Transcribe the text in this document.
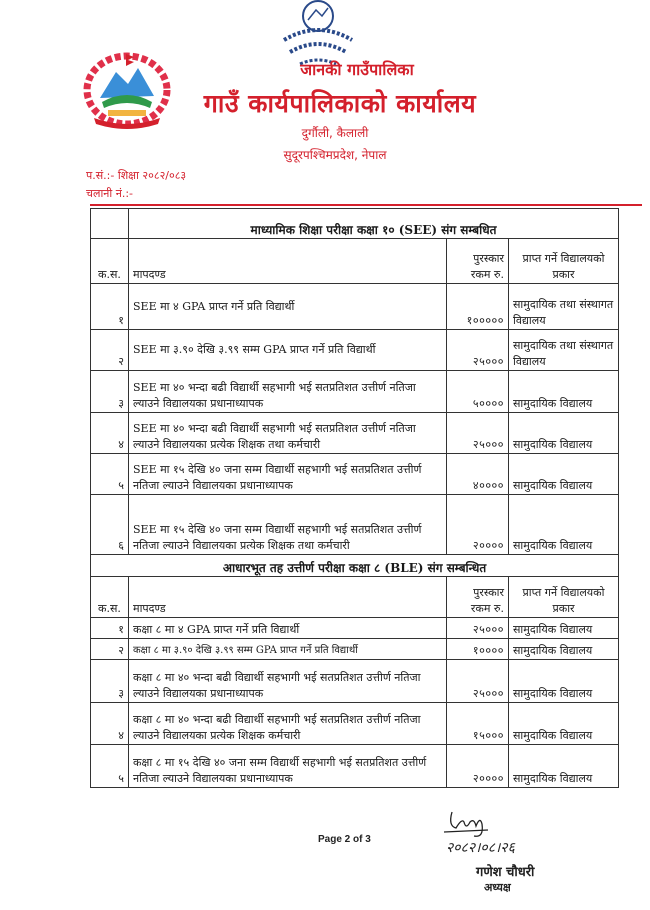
जानकी गाउँपालिका
गाउँ कार्यपालिकाको कार्यालय
दुर्गौली, कैलाली
सुदूरपश्चिमप्रदेश, नेपाल
प.सं.:- शिक्षा २०८२/०८३
चलानी नं.:-
	माध्यामिक शिक्षा परीक्षा कक्षा १० (SEE) संग सम्बधित		
क.स.	मापदण्ड	पुरस्कार रकम रु.	प्राप्त गर्ने विद्यालयको प्रकार
१	SEE मा ४ GPA प्राप्त गर्ने प्रति विद्यार्थी	१०००००	सामुदायिक तथा संस्थागत विद्यालय
२	SEE मा ३.९० देखि ३.९९ सम्म GPA प्राप्त गर्ने प्रति विद्यार्थी	२५०००	सामुदायिक तथा संस्थागत विद्यालय
३	SEE मा ४० भन्दा बढी विद्यार्थी सहभागी भई सतप्रतिशत उत्तीर्ण नतिजा ल्याउने विद्यालयका प्रधानाध्यापक	५००००	सामुदायिक विद्यालय
४	SEE मा ४० भन्दा बढी विद्यार्थी सहभागी भई सतप्रतिशत उत्तीर्ण नतिजा ल्याउने विद्यालयका प्रत्येक शिक्षक तथा कर्मचारी	२५०००	सामुदायिक विद्यालय
५	SEE मा १५ देखि ४० जना सम्म विद्यार्थी सहभागी भई सतप्रतिशत उत्तीर्ण नतिजा ल्याउने विद्यालयका प्रधानाध्यापक	४००००	सामुदायिक विद्यालय
६	SEE मा १५ देखि ४० जना सम्म विद्यार्थी सहभागी भई सतप्रतिशत उत्तीर्ण नतिजा ल्याउने विद्यालयका प्रत्येक शिक्षक तथा कर्मचारी	२००००	सामुदायिक विद्यालय
आधारभूत तह उत्तीर्ण परीक्षा कक्षा ८ (BLE) संग सम्बन्धित			
क.स.	मापदण्ड	पुरस्कार रकम रु.	प्राप्त गर्ने विद्यालयको प्रकार
१	कक्षा ८ मा ४ GPA प्राप्त गर्ने प्रति विद्यार्थी	२५०००	सामुदायिक विद्यालय
२	कक्षा ८ मा ३.९० देखि ३.९९ सम्म GPA प्राप्त गर्ने प्रति विद्यार्थी	१००००	सामुदायिक विद्यालय
३	कक्षा ८ मा ४० भन्दा बढी विद्यार्थी सहभागी भई सतप्रतिशत उत्तीर्ण नतिजा ल्याउने विद्यालयका प्रधानाध्यापक	२५०००	सामुदायिक विद्यालय
४	कक्षा ८ मा ४० भन्दा बढी विद्यार्थी सहभागी भई सतप्रतिशत उत्तीर्ण नतिजा ल्याउने विद्यालयका प्रत्येक शिक्षक कर्मचारी	१५०००	सामुदायिक विद्यालय
५	कक्षा ८ मा १५ देखि ४० जना सम्म विद्यार्थी सहभागी भई सतप्रतिशत उत्तीर्ण नतिजा ल्याउने विद्यालयका प्रधानाध्यापक	२००००	सामुदायिक विद्यालय
Page 2 of 3
२०८२।०८।२६
गणेश चौधरी
अध्यक्ष
